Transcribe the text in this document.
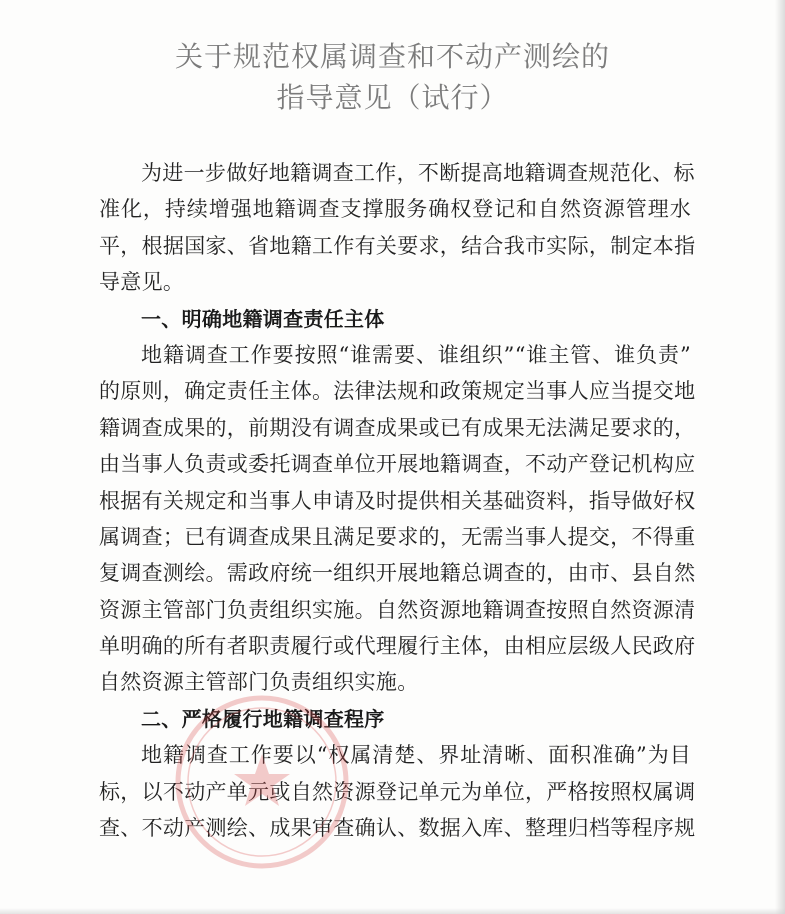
关于规范权属调查和不动产测绘的
指导意见（试行）
为进一步做好地籍调查工作，不断提高地籍调查规范化、标
准化，持续增强地籍调查支撑服务确权登记和自然资源管理水
平，根据国家、省地籍工作有关要求，结合我市实际，制定本指
导意见。
一、明确地籍调查责任主体
地籍调查工作要按照“谁需要、谁组织”“谁主管、谁负责”
的原则，确定责任主体。法律法规和政策规定当事人应当提交地
籍调查成果的，前期没有调查成果或已有成果无法满足要求的，
由当事人负责或委托调查单位开展地籍调查，不动产登记机构应
根据有关规定和当事人申请及时提供相关基础资料，指导做好权
属调查；已有调查成果且满足要求的，无需当事人提交，不得重
复调查测绘。需政府统一组织开展地籍总调查的，由市、县自然
资源主管部门负责组织实施。自然资源地籍调查按照自然资源清
单明确的所有者职责履行或代理履行主体，由相应层级人民政府
自然资源主管部门负责组织实施。
二、严格履行地籍调查程序
地籍调查工作要以“权属清楚、界址清晰、面积准确”为目
标，以不动产单元或自然资源登记单元为单位，严格按照权属调
查、不动产测绘、成果审查确认、数据入库、整理归档等程序规
